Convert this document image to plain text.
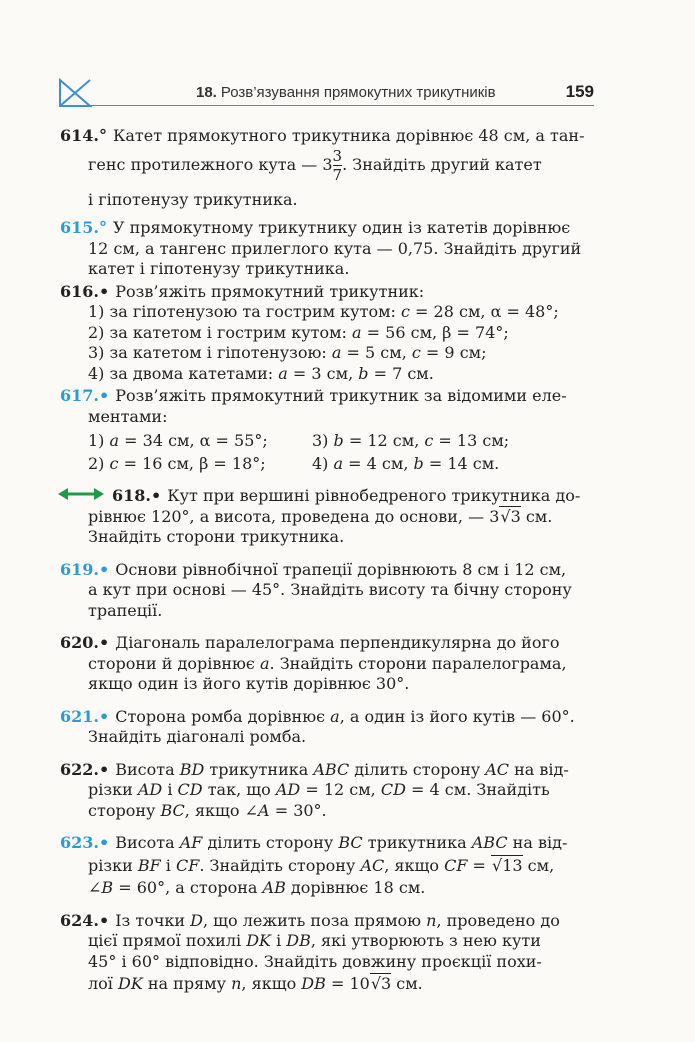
18. Розв’язування прямокутних трикутників	159
614.° Катет прямокутного трикутника дорівнює 48 см, а тан-
генс протилежного кута — $3 \frac{3}{7}$ . Знайдіть другий катет
і гіпотенузу трикутника.
615.° У прямокутному трикутнику один із катетів дорівнює
12 см, а тангенс прилеглого кута — 0,75. Знайдіть другий
катет і гіпотенузу трикутника.
616.• Розв’яжіть прямокутний трикутник:
1) за гіпотенузою та гострим кутом: c = 28 см, α = 48°;
2) за катетом і гострим кутом: a = 56 см, β = 74°;
3) за катетом і гіпотенузою: a = 5 см, c = 9 см;
4) за двома катетами: a = 3 см, b = 7 см.
617.• Розв’яжіть прямокутний трикутник за відомими еле-
ментами:
1) a = 34 см, α = 55°;	3) b = 12 см, c = 13 см;
2) c = 16 см, β = 18°;	4) a = 4 см, b = 14 см.
618.• Кут при вершині рівнобедреного трикутника до-
рівнює 120°, а висота, проведена до основи, — 3√3 см.
Знайдіть сторони трикутника.
619.• Основи рівнобічної трапеції дорівнюють 8 см і 12 см,
а кут при основі — 45°. Знайдіть висоту та бічну сторону
трапеції.
620.• Діагональ паралелограма перпендикулярна до його
сторони й дорівнює a. Знайдіть сторони паралелограма,
якщо один із його кутів дорівнює 30°.
621.• Сторона ромба дорівнює a, а один із його кутів — 60°.
Знайдіть діагоналі ромба.
622.• Висота BD трикутника ABC ділить сторону AC на від-
різки AD і CD так, що AD = 12 см, CD = 4 см. Знайдіть
сторону BC, якщо ∠A = 30°.
623.• Висота AF ділить сторону BC трикутника ABC на від-
різки BF і CF. Знайдіть сторону AC, якщо CF = √13 см,
∠B = 60°, а сторона AB дорівнює 18 см.
624.• Із точки D, що лежить поза прямою n, проведено до
цієї прямої похилі DK і DB, які утворюють з нею кути
45° і 60° відповідно. Знайдіть довжину проєкції похи-
лої DK на пряму n, якщо DB = 10√3 см.
